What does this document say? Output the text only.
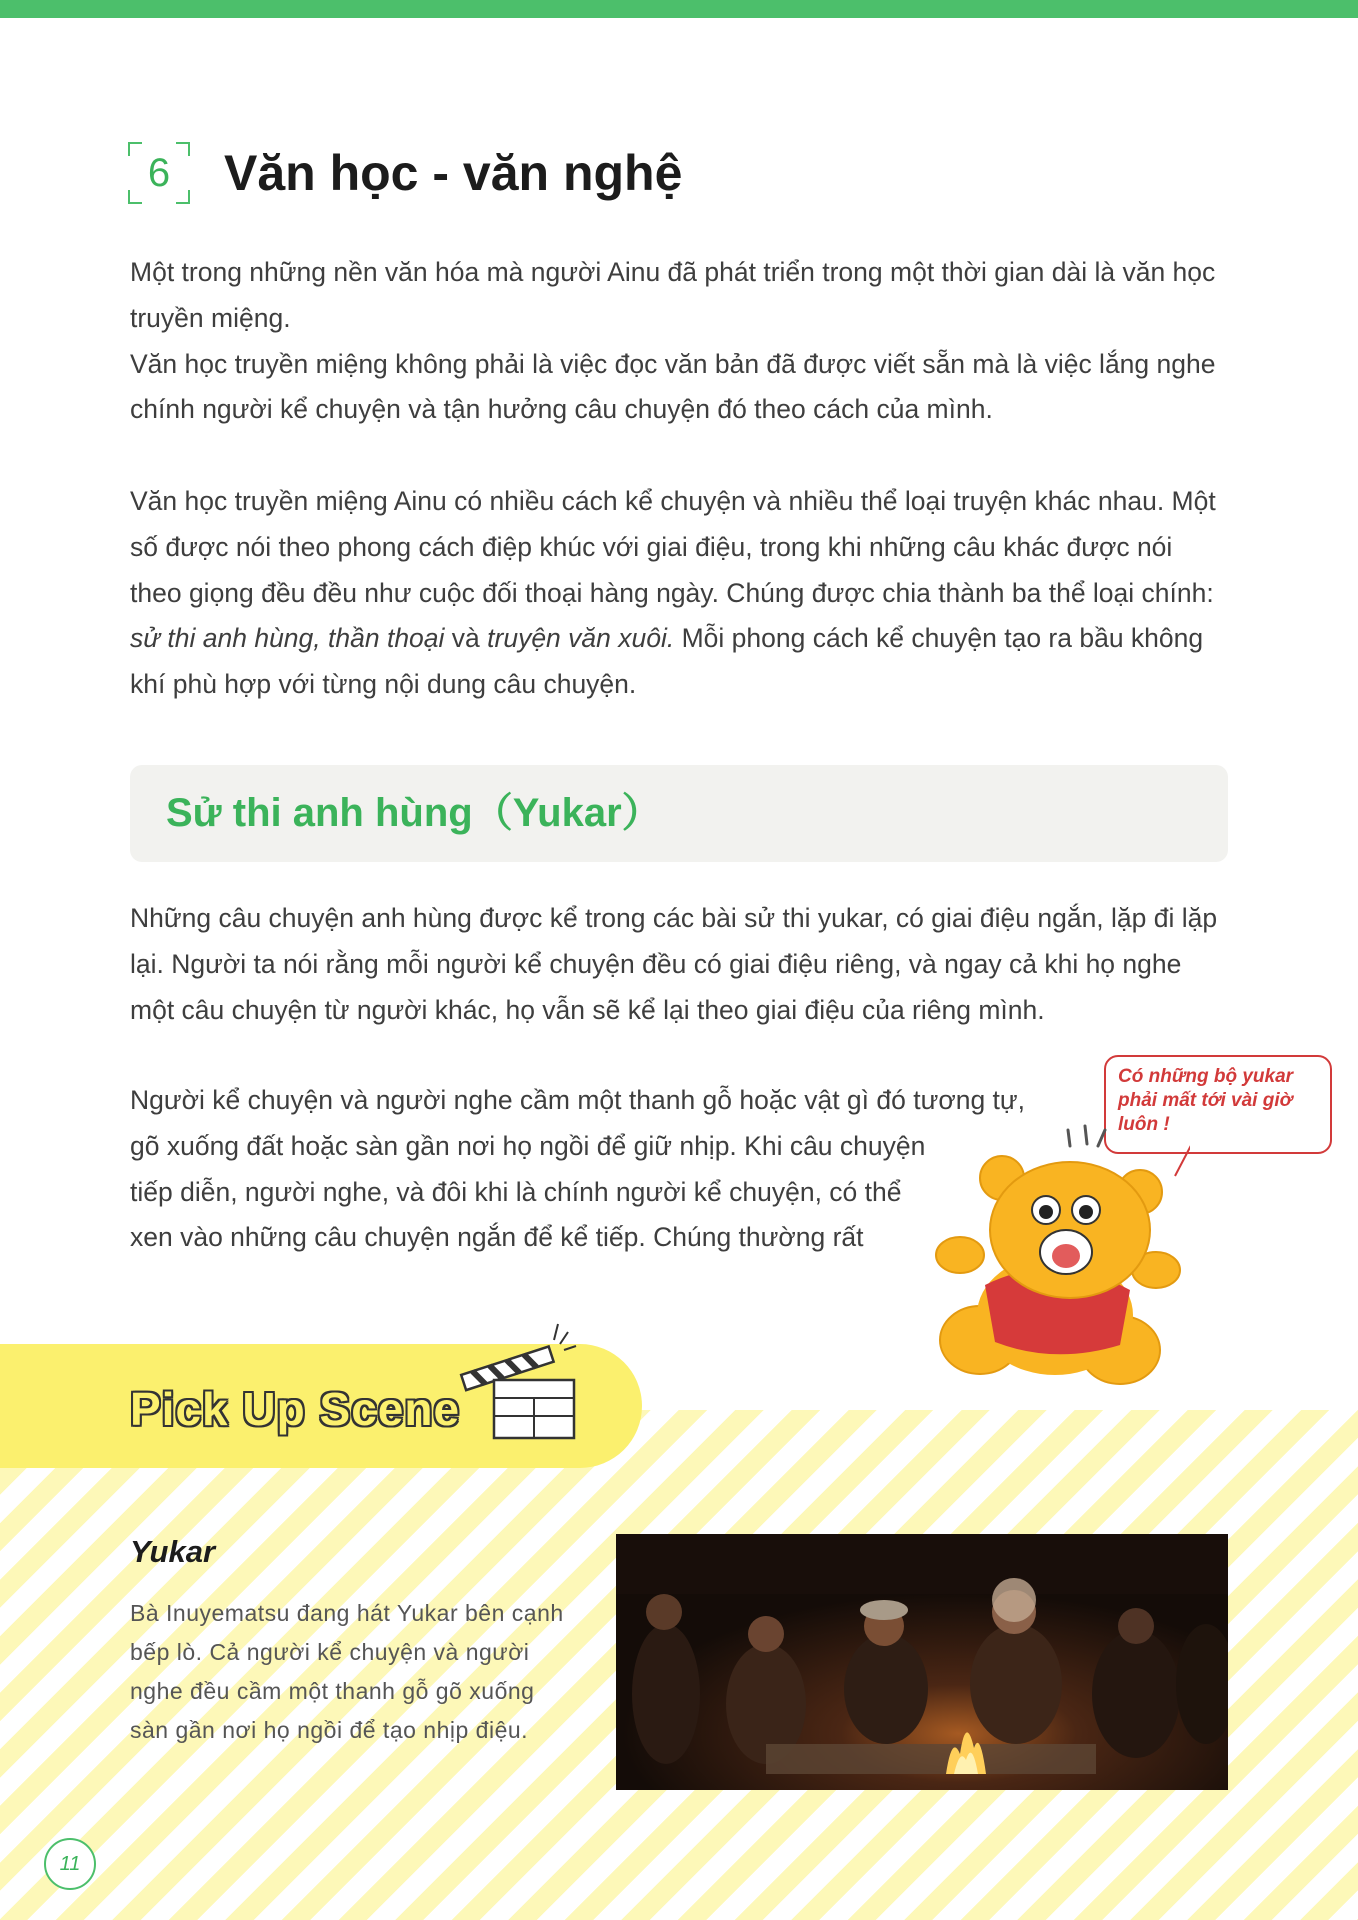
6	Văn học - văn nghệ

Một trong những nền văn hóa mà người Ainu đã phát triển trong một thời gian dài là văn học truyền miệng.
Văn học truyền miệng không phải là việc đọc văn bản đã được viết sẵn mà là việc lắng nghe chính người kể chuyện và tận hưởng câu chuyện đó theo cách của mình.

Văn học truyền miệng Ainu có nhiều cách kể chuyện và nhiều thể loại truyện khác nhau. Một số được nói theo phong cách điệp khúc với giai điệu, trong khi những câu khác được nói theo giọng đều đều như cuộc đối thoại hàng ngày. Chúng được chia thành ba thể loại chính: sử thi anh hùng, thần thoại và truyện văn xuôi. Mỗi phong cách kể chuyện tạo ra bầu không khí phù hợp với từng nội dung câu chuyện.

Sử thi anh hùng（Yukar）

Những câu chuyện anh hùng được kể trong các bài sử thi yukar, có giai điệu ngắn, lặp đi lặp lại. Người ta nói rằng mỗi người kể chuyện đều có giai điệu riêng, và ngay cả khi họ nghe một câu chuyện từ người khác, họ vẫn sẽ kể lại theo giai điệu của riêng mình.

Người kể chuyện và người nghe cầm một thanh gỗ hoặc vật gì đó tương tự,
gõ xuống đất hoặc sàn gần nơi họ ngồi để giữ nhịp. Khi câu chuyện
tiếp diễn, người nghe, và đôi khi là chính người kể chuyện, có thể
xen vào những câu chuyện ngắn để kể tiếp. Chúng thường rất

Có những bộ yukar phải mất tới vài giờ luôn !

Pick Up Scene
Yukar

Bà Inuyematsu đang hát Yukar bên cạnh bếp lò. Cả người kể chuyện và người nghe đều cầm một thanh gỗ gõ xuống sàn gần nơi họ ngồi để tạo nhịp điệu.

11
